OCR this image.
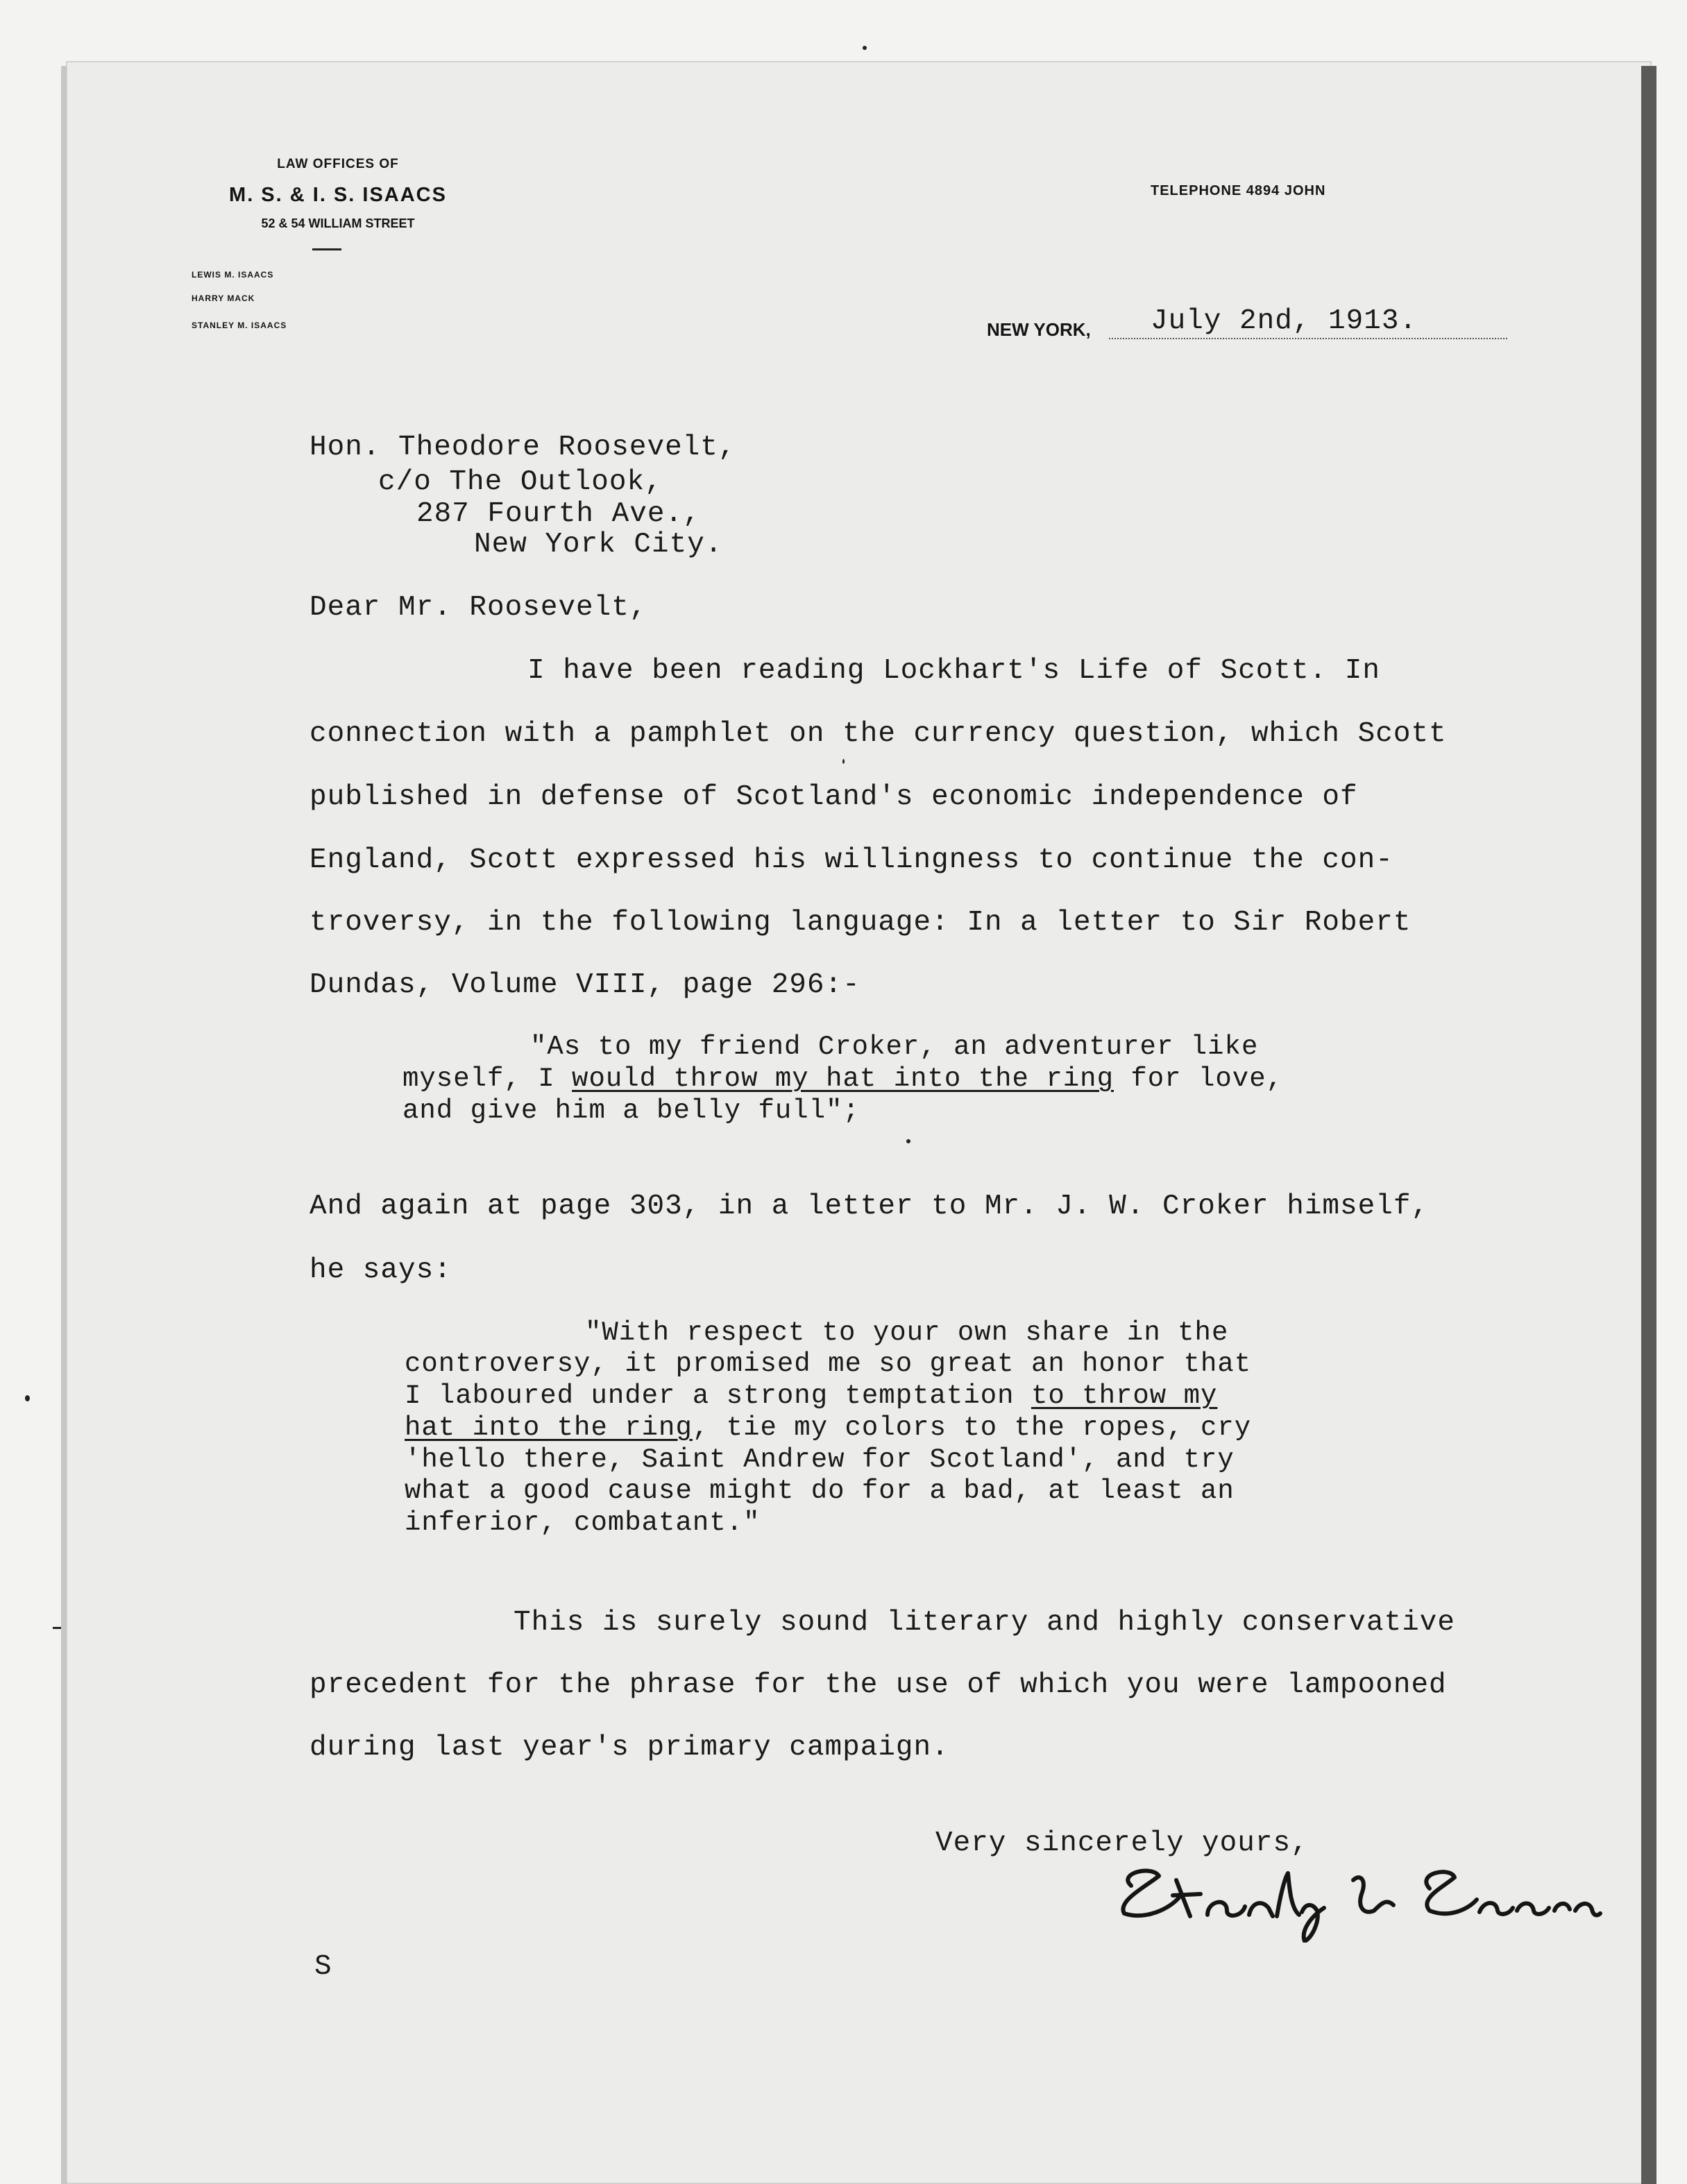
LAW OFFICES OF
M. S. & I. S. ISAACS
52 & 54 WILLIAM STREET
LEWIS M. ISAACS
HARRY MACK
STANLEY M. ISAACS
TELEPHONE 4894 JOHN
NEW YORK, July 2nd, 1913.
Hon. Theodore Roosevelt,
c/o The Outlook,
287 Fourth Ave.,
New York City.
Dear Mr. Roosevelt,
I have been reading Lockhart's Life of Scott. In
connection with a pamphlet on the currency question, which Scott
published in defense of Scotland's economic independence of
England, Scott expressed his willingness to continue the con-
troversy, in the following language: In a letter to Sir Robert
Dundas, Volume VIII, page 296:-
"As to my friend Croker, an adventurer like
myself, I would throw my hat into the ring for love,
and give him a belly full";
And again at page 303, in a letter to Mr. J. W. Croker himself,
he says:
"With respect to your own share in the
controversy, it promised me so great an honor that
I laboured under a strong temptation to throw my
hat into the ring, tie my colors to the ropes, cry
'hello there, Saint Andrew for Scotland', and try
what a good cause might do for a bad, at least an
inferior, combatant."
This is surely sound literary and highly conservative
precedent for the phrase for the use of which you were lampooned
during last year's primary campaign.
Very sincerely yours,
S
